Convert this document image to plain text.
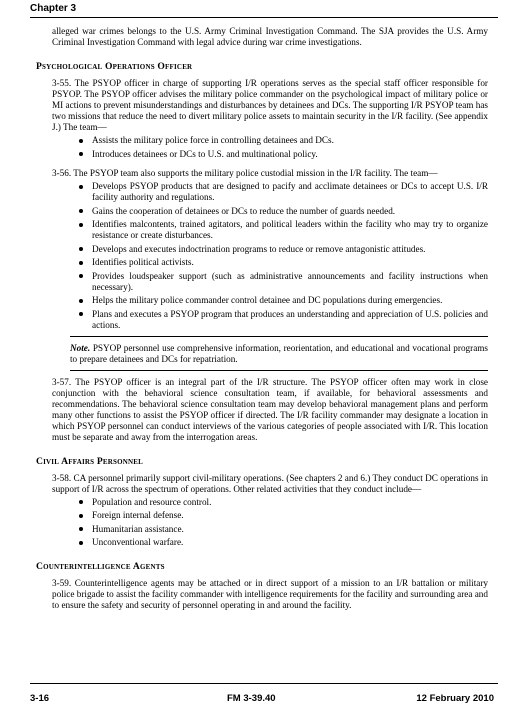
Chapter 3

alleged war crimes belongs to the U.S. Army Criminal Investigation Command. The SJA provides the U.S. Army Criminal Investigation Command with legal advice during war crime investigations.

Psychological Operations Officer

3-55. The PSYOP officer in charge of supporting I/R operations serves as the special staff officer responsible for PSYOP. The PSYOP officer advises the military police commander on the psychological impact of military police or MI actions to prevent misunderstandings and disturbances by detainees and DCs. The supporting I/R PSYOP team has two missions that reduce the need to divert military police assets to maintain security in the I/R facility. (See appendix J.) The team—

Assists the military police force in controlling detainees and DCs.
Introduces detainees or DCs to U.S. and multinational policy.

3-56. The PSYOP team also supports the military police custodial mission in the I/R facility. The team—

Develops PSYOP products that are designed to pacify and acclimate detainees or DCs to accept U.S. I/R facility authority and regulations.
Gains the cooperation of detainees or DCs to reduce the number of guards needed.
Identifies malcontents, trained agitators, and political leaders within the facility who may try to organize resistance or create disturbances.
Develops and executes indoctrination programs to reduce or remove antagonistic attitudes.
Identifies political activists.
Provides loudspeaker support (such as administrative announcements and facility instructions when necessary).
Helps the military police commander control detainee and DC populations during emergencies.
Plans and executes a PSYOP program that produces an understanding and appreciation of U.S. policies and actions.

Note. PSYOP personnel use comprehensive information, reorientation, and educational and vocational programs to prepare detainees and DCs for repatriation.

3-57. The PSYOP officer is an integral part of the I/R structure. The PSYOP officer often may work in close conjunction with the behavioral science consultation team, if available, for behavioral assessments and recommendations. The behavioral science consultation team may develop behavioral management plans and perform many other functions to assist the PSYOP officer if directed. The I/R facility commander may designate a location in which PSYOP personnel can conduct interviews of the various categories of people associated with I/R. This location must be separate and away from the interrogation areas.

Civil Affairs Personnel

3-58. CA personnel primarily support civil-military operations. (See chapters 2 and 6.) They conduct DC operations in support of I/R across the spectrum of operations. Other related activities that they conduct include—

Population and resource control.
Foreign internal defense.
Humanitarian assistance.
Unconventional warfare.
Counterintelligence Agents

3-59. Counterintelligence agents may be attached or in direct support of a mission to an I/R battalion or military police brigade to assist the facility commander with intelligence requirements for the facility and surrounding area and to ensure the safety and security of personnel operating in and around the facility.

3-16	FM 3-39.40	12 February 2010
